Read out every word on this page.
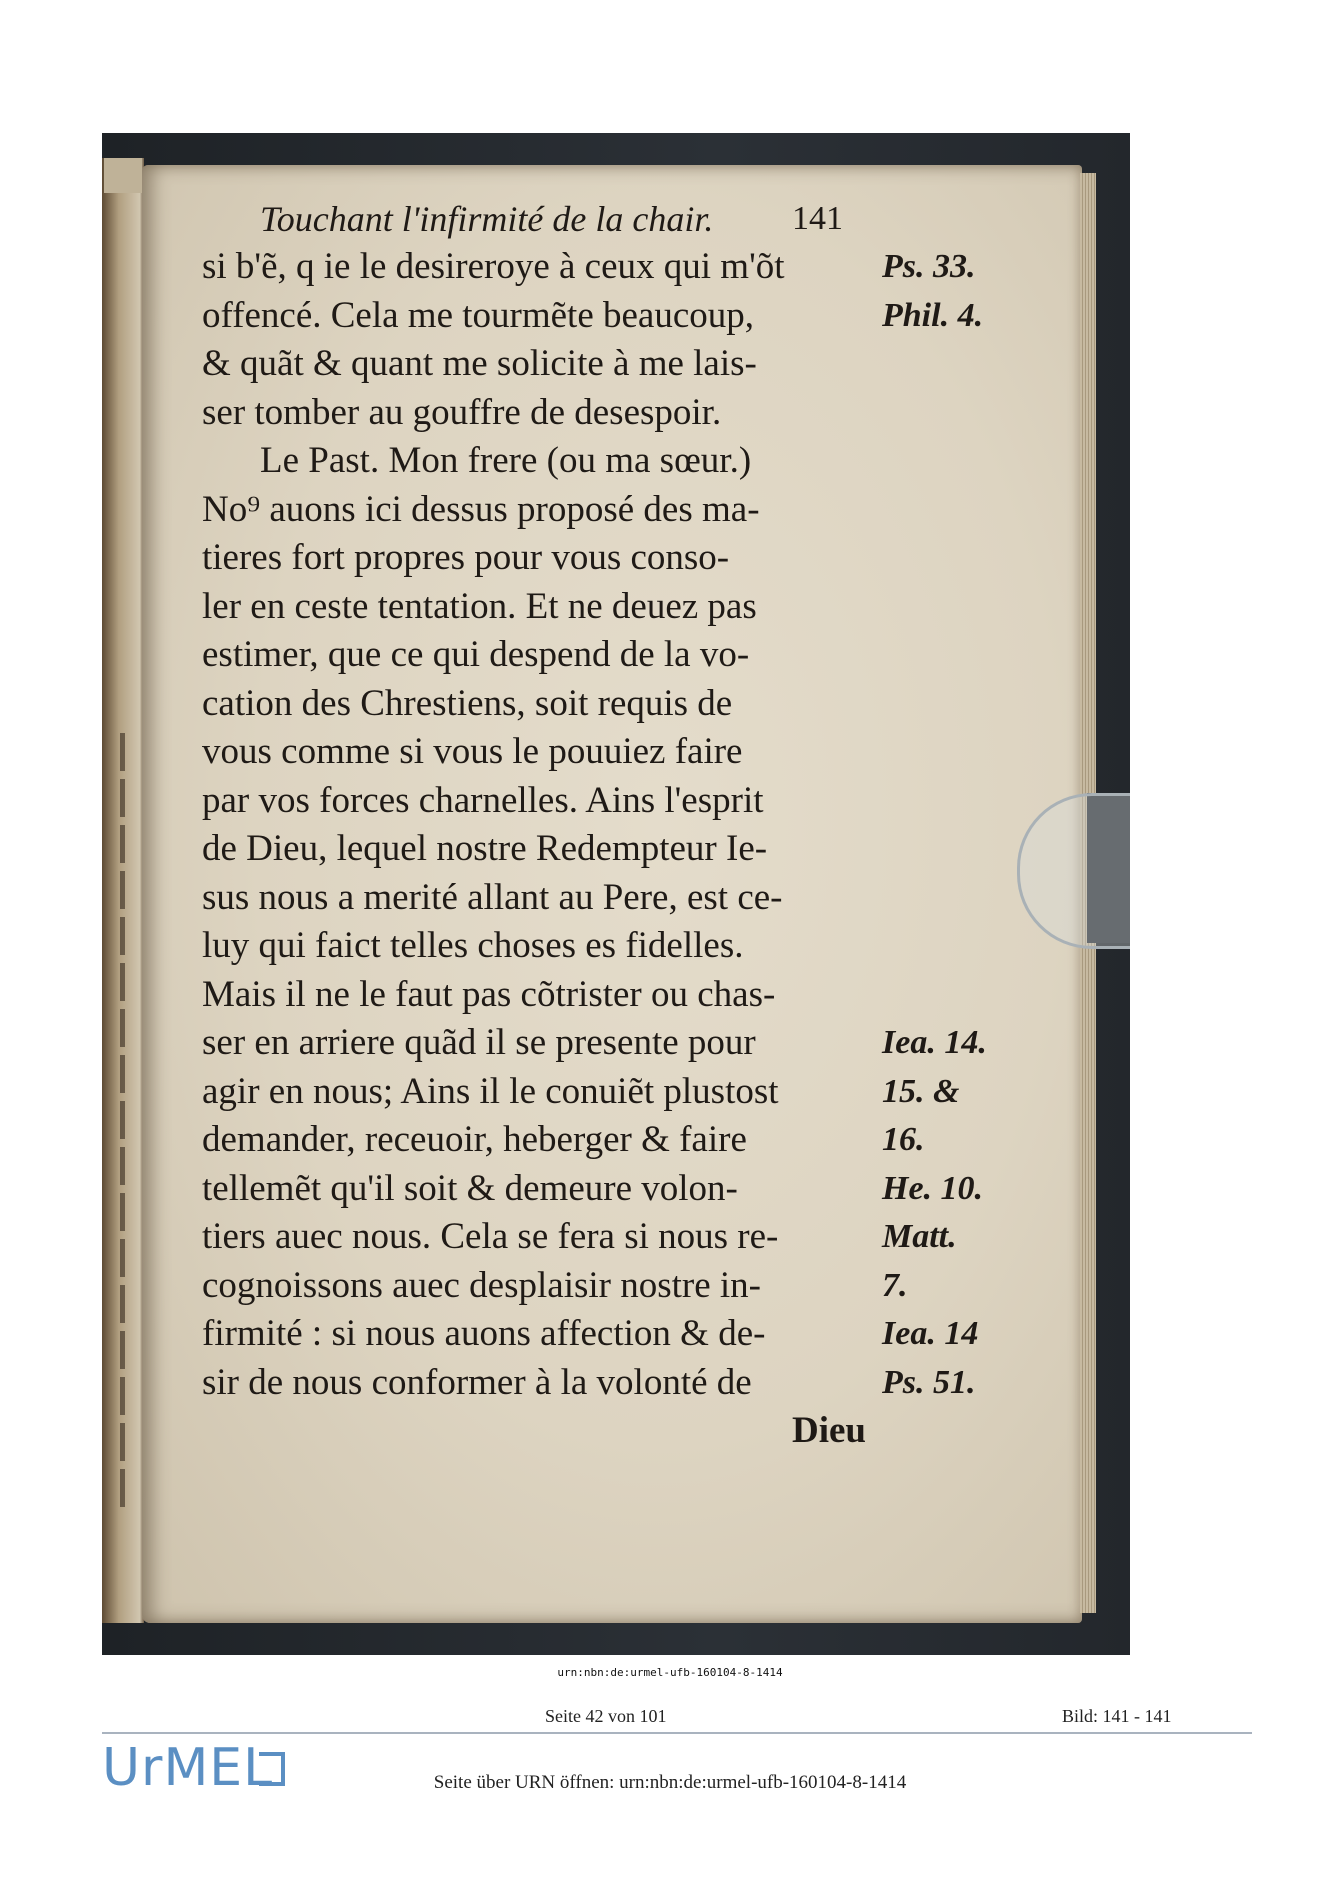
Touchant l'infirmité de la chair. 141
si b'ẽ, q ie le desireroye à ceux qui m'õt	Ps. 33.
offencé. Cela me tourmẽte beaucoup,	Phil. 4.
& quãt & quant me solicite à me lais-
ser tomber au gouffre de desespoir.
Le Past. Mon frere (ou ma sœur.)
No⁹ auons ici dessus proposé des ma-
tieres fort propres pour vous conso-
ler en ceste tentation. Et ne deuez pas
estimer, que ce qui despend de la vo-
cation des Chrestiens, soit requis de
vous comme si vous le pouuiez faire
par vos forces charnelles. Ains l'esprit
de Dieu, lequel nostre Redempteur Ie-
sus nous a merité allant au Pere, est ce-
luy qui faict telles choses es fidelles.
Mais il ne le faut pas cõtrister ou chas-
ser en arriere quãd il se presente pour	Iea. 14.
agir en nous; Ains il le conuiẽt plustost	15. &
demander, receuoir, heberger & faire	16.
tellemẽt qu'il soit & demeure volon-	He. 10.
tiers auec nous. Cela se fera si nous re-	Matt.
cognoissons auec desplaisir nostre in-	7.
firmité : si nous auons affection & de-	Iea. 14
sir de nous conformer à la volonté de	Ps. 51.
Dieu
urn:nbn:de:urmel-ufb-160104-8-1414
Seite 42 von 101	Bild: 141 - 141
UrMEL	Seite über URN öffnen: urn:nbn:de:urmel-ufb-160104-8-1414
